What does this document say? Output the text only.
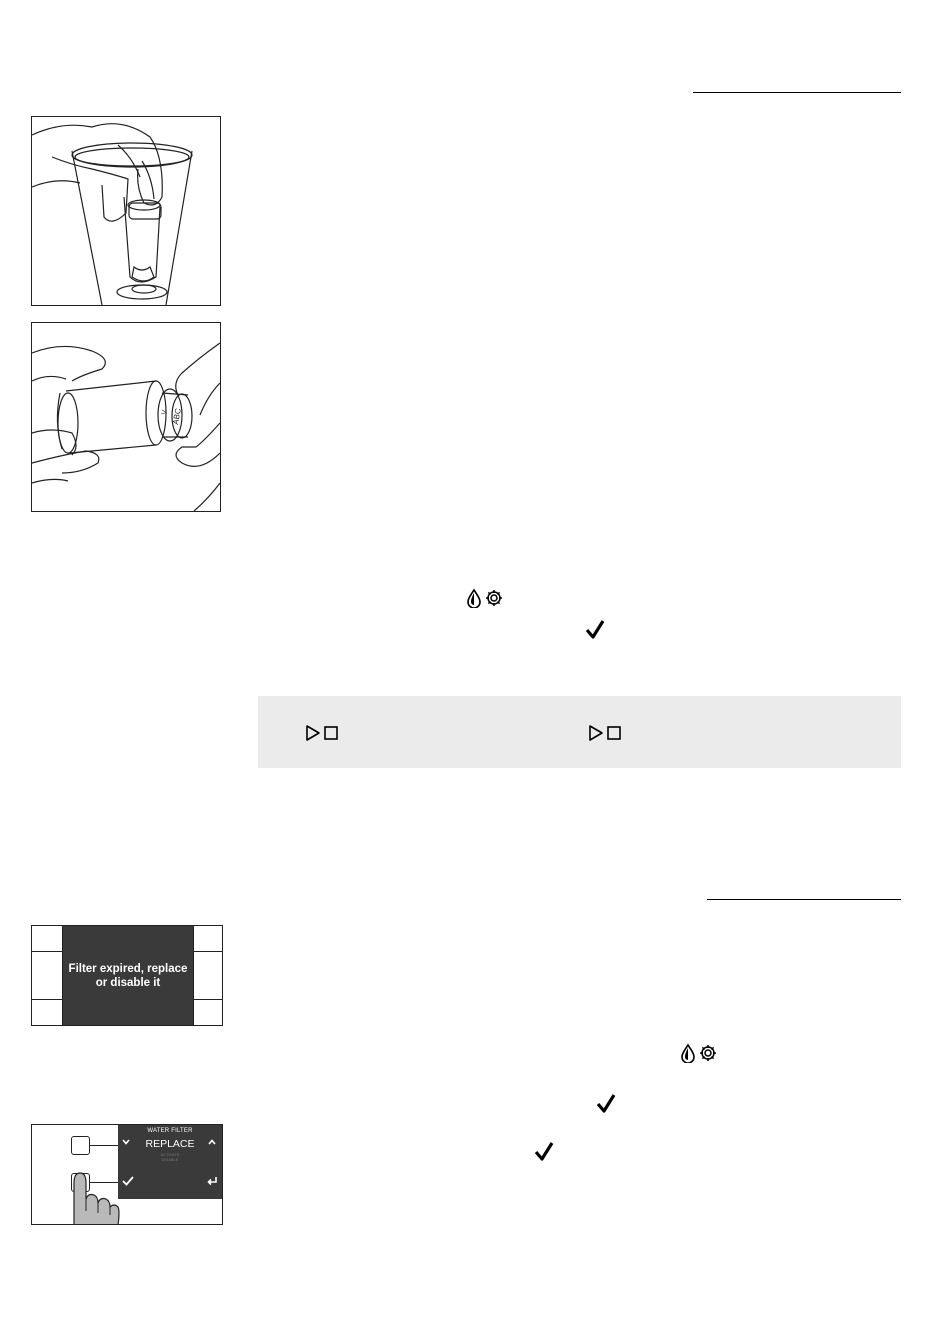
V ABC
Filter expired, replace
or disable it
WATER FILTER
REPLACE
ACTIVATE
DISABLE
